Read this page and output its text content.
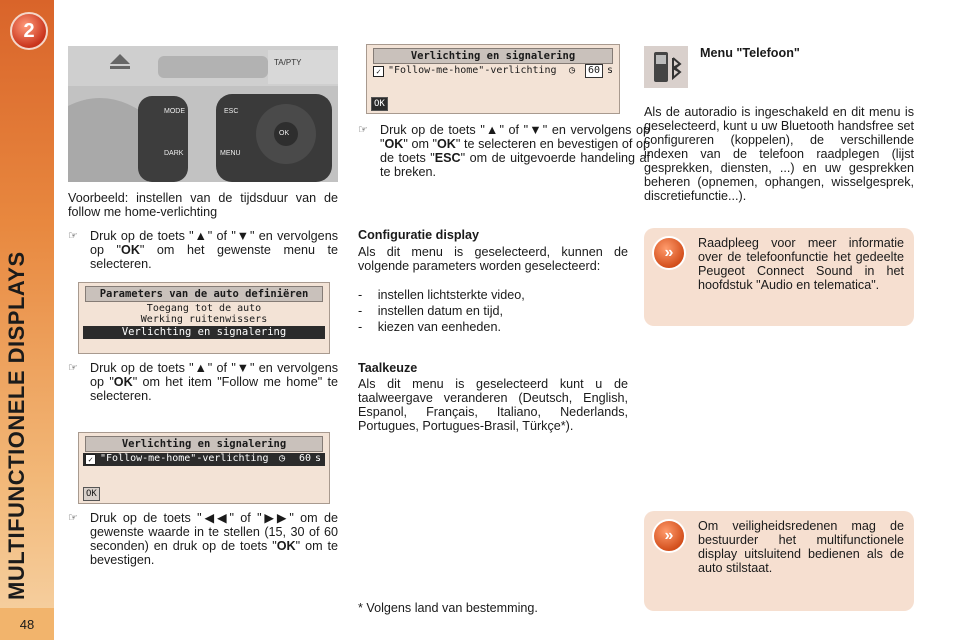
2
MULTIFUNCTIONELE DISPLAYS
48
TA/PTY
MODE	ESC
OK
DARK	MENU
Voorbeeld: instellen van de tijdsduur van de follow me home-verlichting
☞ Druk op de toets "▲" of "▼" en vervolgens op "OK" om het gewenste menu te selecteren.
Parameters van de auto definiëren
Toegang tot de auto
Werking ruitenwissers
Verlichting en signalering
☞ Druk op de toets "▲" of "▼" en vervolgens op "OK" om het item "Follow me home" te selecteren.
Verlichting en signalering
✓ "Follow-me-home"-verlichting ◷ 60 s
OK
☞ Druk op de toets "◀◀" of "▶▶" om de gewenste waarde in te stellen (15, 30 of 60 seconden) en druk op de toets "OK" om te bevestigen.
Verlichting en signalering
✓ "Follow-me-home"-verlichting ◷	60 s
OK
☞ Druk op de toets "▲" of "▼" en vervolgens op "OK" om "OK" te selecteren en bevestigen of op de toets "ESC" om de uitgevoerde handeling af te breken.
Configuratie display
Als dit menu is geselecteerd, kunnen de volgende parameters worden geselecteerd:
- instellen lichtsterkte video,
- instellen datum en tijd,
- kiezen van eenheden.
Taalkeuze
Als dit menu is geselecteerd kunt u de taalweergave veranderen (Deutsch, English, Espanol, Français, Italiano, Nederlands, Portugues, Portugues-Brasil, Türkçe*).
* Volgens land van bestemming.
Menu "Telefoon"
Als de autoradio is ingeschakeld en dit menu is geselecteerd, kunt u uw Bluetooth handsfree set configureren (koppelen), de verschillende indexen van de telefoon raadplegen (lijst gesprekken, diensten, ...) en uw gesprekken beheren (opnemen, ophangen, wisselgesprek, discretiefunctie...).
»
Raadpleeg voor meer informatie over de telefoonfunctie het gedeelte Peugeot Connect Sound in het hoofdstuk "Audio en telematica".
»
Om veiligheidsredenen mag de bestuurder het multifunctionele display uitsluitend bedienen als de auto stilstaat.
